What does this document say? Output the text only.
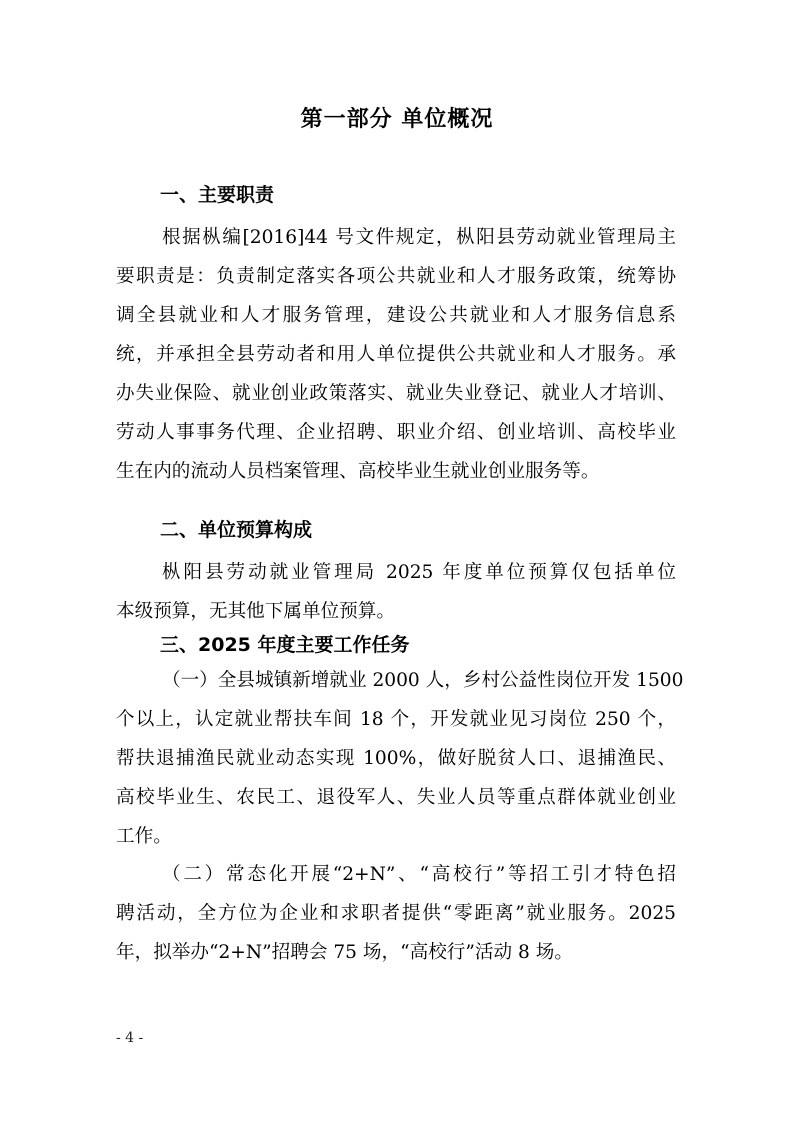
第一部分 单位概况
一、主要职责
根据枞编[2016]44 号文件规定，枞阳县劳动就业管理局主
要职责是：负责制定落实各项公共就业和人才服务政策，统筹协
调全县就业和人才服务管理，建设公共就业和人才服务信息系
统，并承担全县劳动者和用人单位提供公共就业和人才服务。承
办失业保险、就业创业政策落实、就业失业登记、就业人才培训、
劳动人事事务代理、企业招聘、职业介绍、创业培训、高校毕业
生在内的流动人员档案管理、高校毕业生就业创业服务等。
二、单位预算构成
枞阳县劳动就业管理局 2025 年度单位预算仅包括单位
本级预算，无其他下属单位预算。
三、2025 年度主要工作任务
（一）全县城镇新增就业 2000 人，乡村公益性岗位开发 1500
个以上，认定就业帮扶车间 18 个，开发就业见习岗位 250 个，
帮扶退捕渔民就业动态实现 100%，做好脱贫人口、退捕渔民、
高校毕业生、农民工、退役军人、失业人员等重点群体就业创业
工作。
（二）常态化开展“2+N”、“高校行”等招工引才特色招
聘活动，全方位为企业和求职者提供“零距离”就业服务。2025
年，拟举办“2+N”招聘会 75 场，“高校行”活动 8 场。
- 4 -
